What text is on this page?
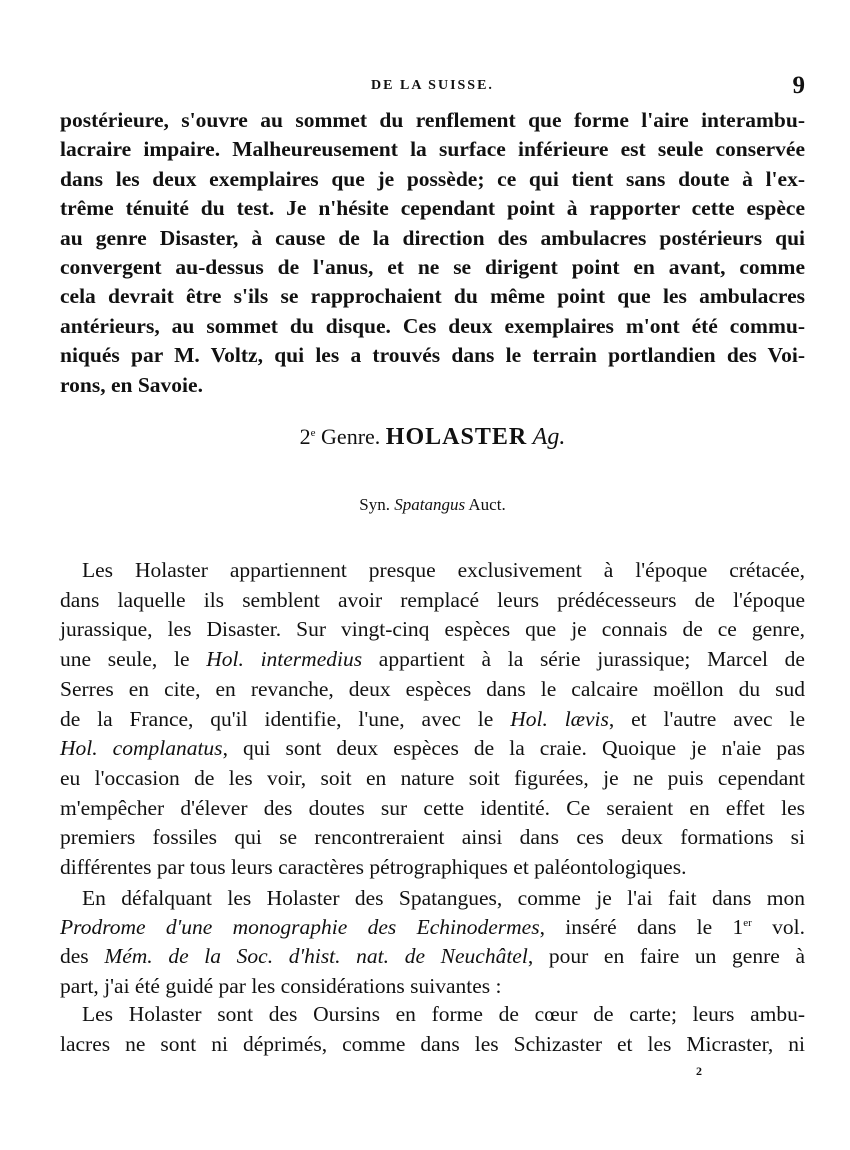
DE LA SUISSE.	9
postérieure, s'ouvre au sommet du renflement que forme l'aire interambu-
lacraire impaire. Malheureusement la surface inférieure est seule conservée
dans les deux exemplaires que je possède; ce qui tient sans doute à l'ex-
trême ténuité du test. Je n'hésite cependant point à rapporter cette espèce
au genre Disaster, à cause de la direction des ambulacres postérieurs qui
convergent au-dessus de l'anus, et ne se dirigent point en avant, comme
cela devrait être s'ils se rapprochaient du même point que les ambulacres
antérieurs, au sommet du disque. Ces deux exemplaires m'ont été commu-
niqués par M. Voltz, qui les a trouvés dans le terrain portlandien des Voi-
rons, en Savoie.
2e Genre. HOLASTER Ag.
Syn. Spatangus Auct.
Les Holaster appartiennent presque exclusivement à l'époque crétacée,
dans laquelle ils semblent avoir remplacé leurs prédécesseurs de l'époque
jurassique, les Disaster. Sur vingt-cinq espèces que je connais de ce genre,
une seule, le Hol. intermedius appartient à la série jurassique; Marcel de
Serres en cite, en revanche, deux espèces dans le calcaire moëllon du sud
de la France, qu'il identifie, l'une, avec le Hol. lævis, et l'autre avec le
Hol. complanatus, qui sont deux espèces de la craie. Quoique je n'aie pas
eu l'occasion de les voir, soit en nature soit figurées, je ne puis cependant
m'empêcher d'élever des doutes sur cette identité. Ce seraient en effet les
premiers fossiles qui se rencontreraient ainsi dans ces deux formations si
différentes par tous leurs caractères pétrographiques et paléontologiques.
En défalquant les Holaster des Spatangues, comme je l'ai fait dans mon
Prodrome d'une monographie des Echinodermes, inséré dans le 1er vol.
des Mém. de la Soc. d'hist. nat. de Neuchâtel, pour en faire un genre à
part, j'ai été guidé par les considérations suivantes :
Les Holaster sont des Oursins en forme de cœur de carte; leurs ambu-
lacres ne sont ni déprimés, comme dans les Schizaster et les Micraster, ni
2
